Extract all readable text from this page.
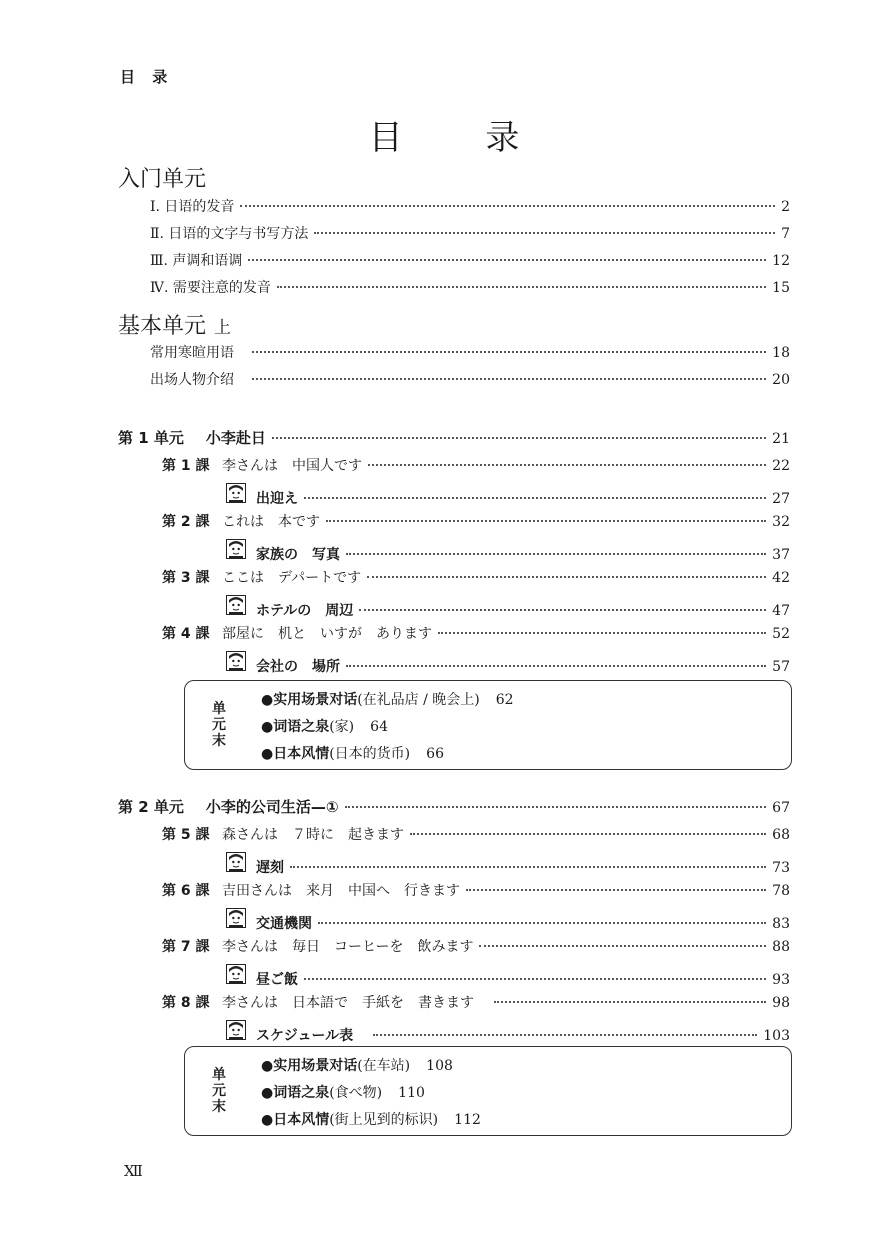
目 录
目 录
入门单元
Ⅰ. 日语的发音	2
Ⅱ. 日语的文字与书写方法	7
Ⅲ. 声调和语调	12
Ⅳ. 需要注意的发音	15
基本单元 上
常用寒暄用语	18
出场人物介绍	20
第 1 单元 小李赴日	21
第 1 課 李さんは　中国人です	22
出迎え	27
第 2 課 これは　本です	32
家族の　写真	37
第 3 課 ここは　デパートです	42
ホテルの　周辺	47
第 4 課 部屋に　机と　いすが　あります	52
会社の　場所	57
单元末
●实用场景对话(在礼品店 / 晚会上) 62
●词语之泉(家) 64
●日本风情(日本的货币) 66
第 2 单元 小李的公司生活—①	67
第 5 課 森さんは　７時に　起きます	68
遅刻	73
第 6 課 吉田さんは　来月　中国へ　行きます	78
交通機関	83
第 7 課 李さんは　毎日　コーヒーを　飲みます	88
昼ご飯	93
第 8 課 李さんは　日本語で　手紙を　書きます	98
スケジュール表	103
单元末
●实用场景对话(在车站) 108
●词语之泉(食べ物) 110
●日本风情(街上见到的标识) 112
Ⅻ
